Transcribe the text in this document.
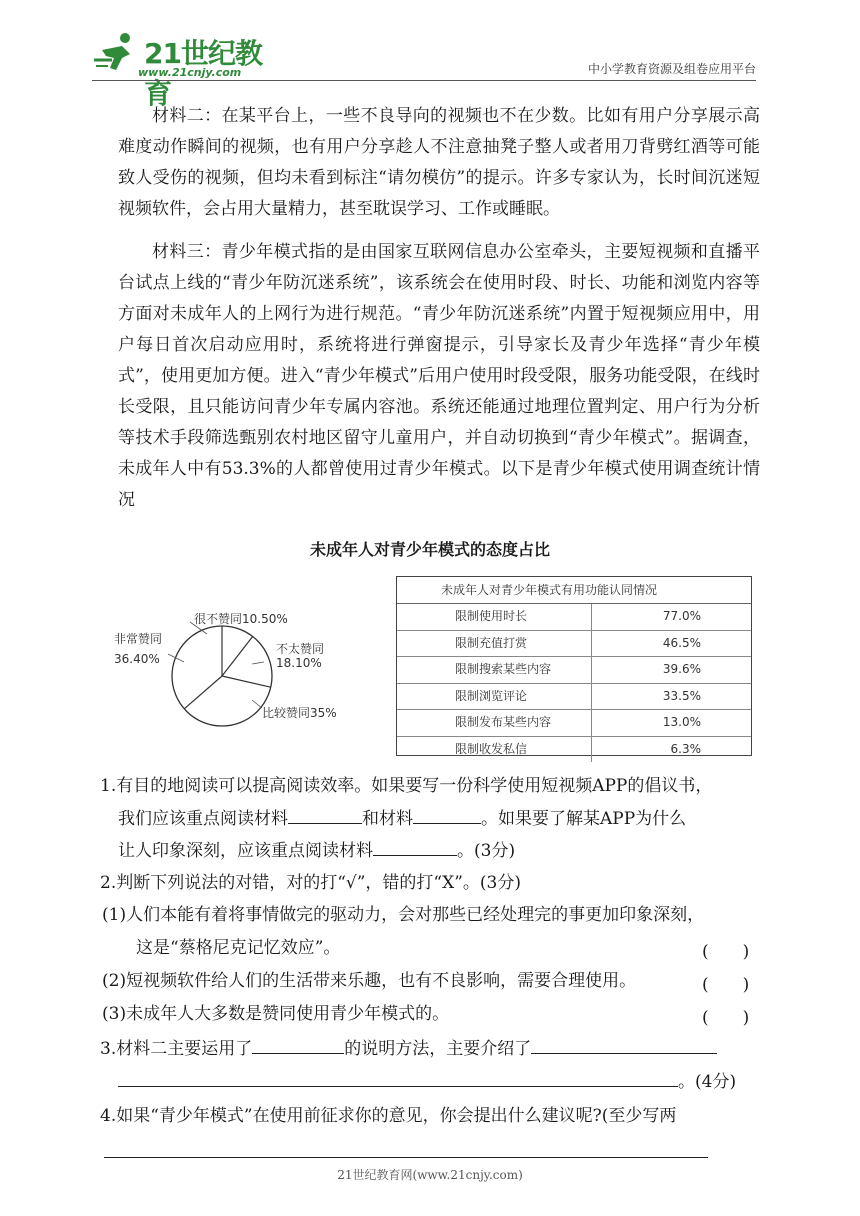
21世纪教育
www.21cnjy.com	中小学教育资源及组卷应用平台

材料二：在某平台上，一些不良导向的视频也不在少数。比如有用户分享展示高难度动作瞬间的视频，也有用户分享趁人不注意抽凳子整人或者用刀背劈红酒等可能致人受伤的视频，但均未看到标注“请勿模仿”的提示。许多专家认为，长时间沉迷短视频软件，会占用大量精力，甚至耽误学习、工作或睡眠。

材料三：青少年模式指的是由国家互联网信息办公室牵头，主要短视频和直播平台试点上线的“青少年防沉迷系统”，该系统会在使用时段、时长、功能和浏览内容等方面对未成年人的上网行为进行规范。“青少年防沉迷系统”内置于短视频应用中，用户每日首次启动应用时，系统将进行弹窗提示，引导家长及青少年选择“青少年模式”，使用更加方便。进入“青少年模式”后用户使用时段受限，服务功能受限，在线时长受限，且只能访问青少年专属内容池。系统还能通过地理位置判定、用户行为分析等技术手段筛选甄别农村地区留守儿童用户，并自动切换到“青少年模式”。据调查，未成年人中有53.3%的人都曾使用过青少年模式。以下是青少年模式使用调查统计情况

未成年人对青少年模式的态度占比
很不赞同10.50%
不太赞同
18.10%
比较赞同35%
非常赞同
36.40%
未成年人对青少年模式有用功能认同情况
限制使用时长	77.0%
限制充值打赏	46.5%
限制搜索某些内容	39.6%
限制浏览评论	33.5%
限制发布某些内容	13.0%
限制收发私信	6.3%

1.有目的地阅读可以提高阅读效率。如果要写一份科学使用短视频APP的倡议书，

我们应该重点阅读材料	和材料	。如果要了解某APP为什么

让人印象深刻，应该重点阅读材料	。(3分)

2.判断下列说法的对错，对的打“√”，错的打“X”。(3分)

(1)人们本能有着将事情做完的驱动力，会对那些已经处理完的事更加印象深刻，

这是“蔡格尼克记忆效应”。	(　　)

(2)短视频软件给人们的生活带来乐趣，也有不良影响，需要合理使用。	(　　)

(3)未成年人大多数是赞同使用青少年模式的。	(　　)

3.材料二主要运用了	的说明方法，主要介绍了

。(4分)

4.如果“青少年模式”在使用前征求你的意见，你会提出什么建议呢?(至少写两

21世纪教育网(www.21cnjy.com)
